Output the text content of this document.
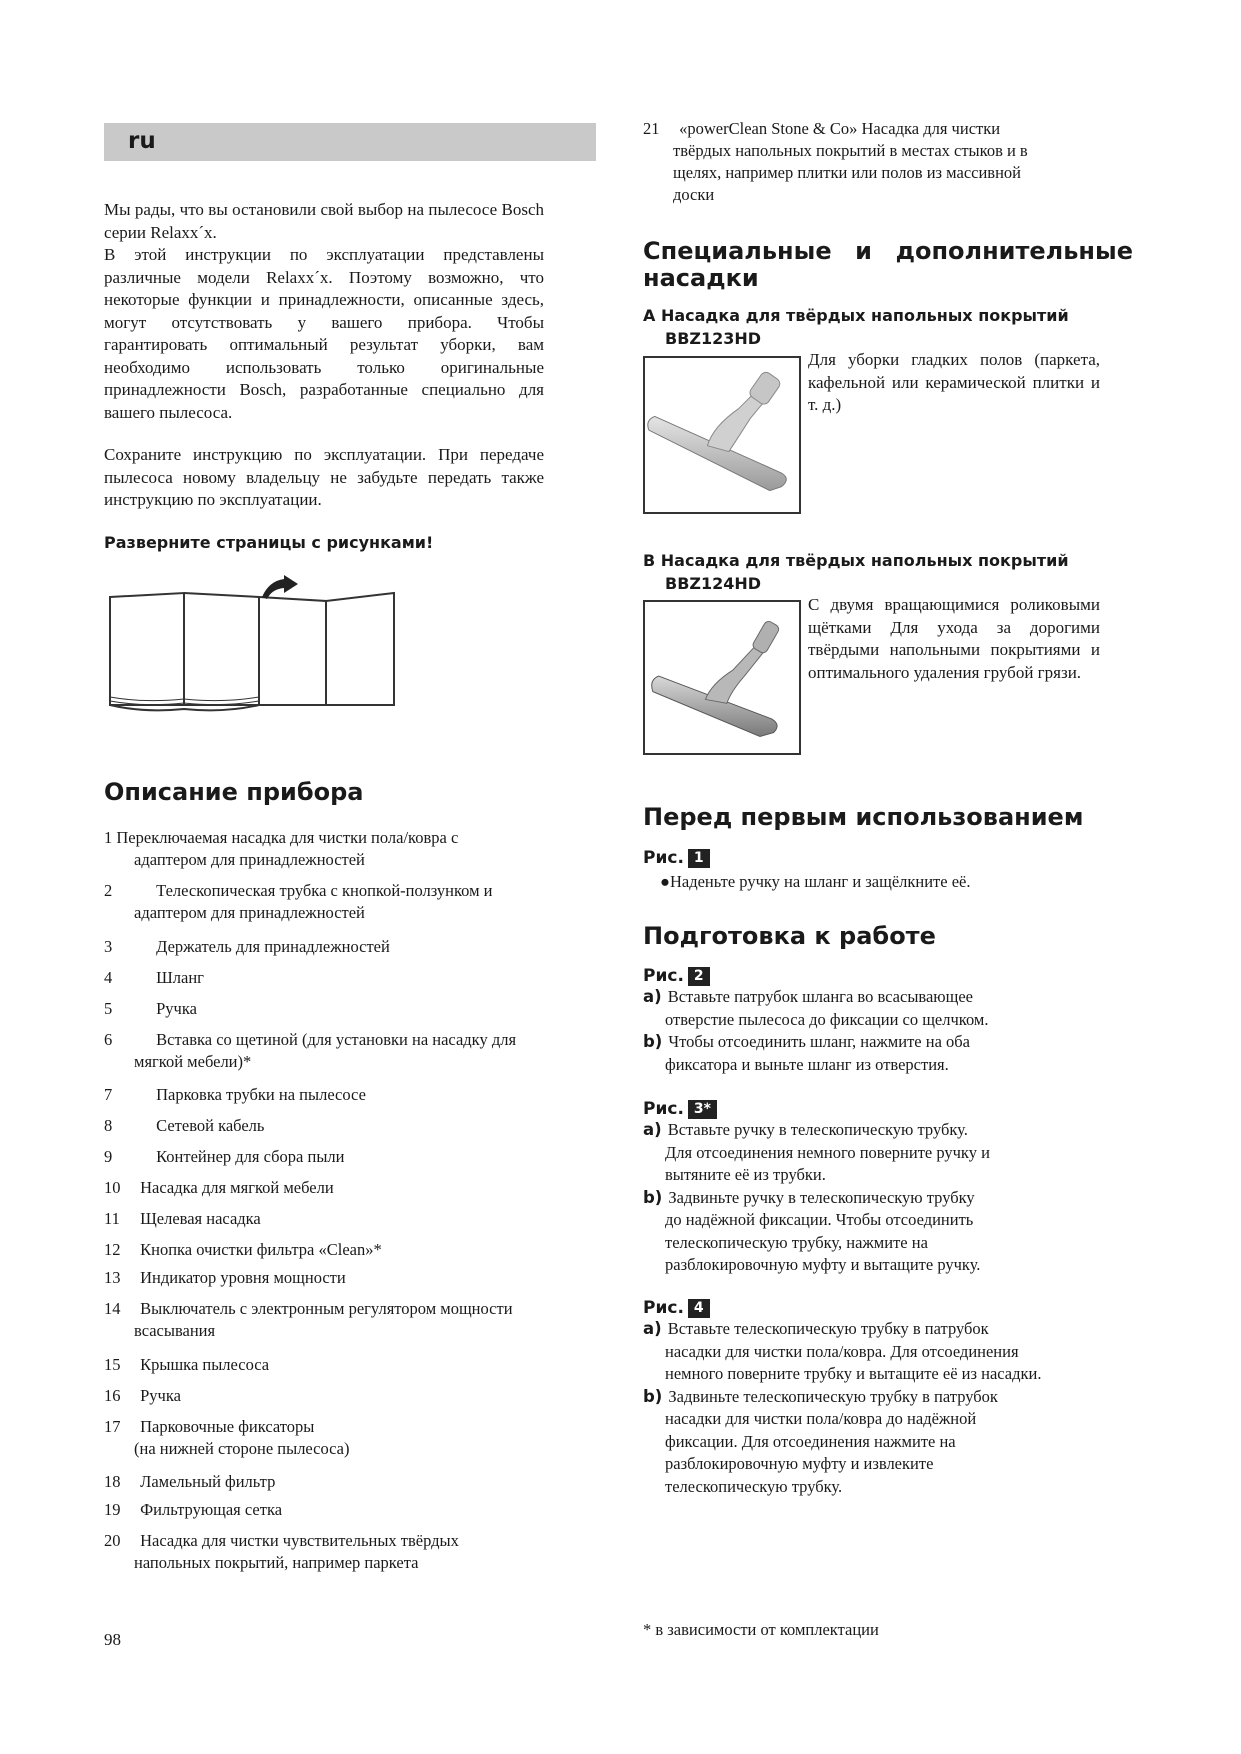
ru
Мы рады, что вы остановили свой выбор на пылесосе Bosch серии Relaxx´x.
В этой инструкции по эксплуатации представлены различные модели Relaxx´x. Поэтому возможно, что некоторые функции и принадлежности, описанные здесь, могут отсутствовать у вашего прибора. Чтобы гарантировать оптимальный результат уборки, вам необходимо использовать только оригинальные принадлежности Bosch, разработанные специально для вашего пылесоса.
Сохраните инструкцию по эксплуатации. При передаче пылесоса новому владельцу не забудьте передать также инструкцию по эксплуатации.
Разверните страницы с рисунками!
Описание прибора
1 Переключаемая насадка для чистки пола/ковра с
адаптером для принадлежностей
2	Телескопическая трубка с кнопкой-ползунком и
адаптером для принадлежностей
3	Держатель для принадлежностей
4	Шланг
5	Ручка
6	Вставка со щетиной (для установки на насадку для
мягкой мебели)*
7	Парковка трубки на пылесосе
8	Сетевой кабель
9	Контейнер для сбора пыли
10 Насадка для мягкой мебели
11 Щелевая насадка
12 Кнопка очистки фильтра «Clean»*
13 Индикатор уровня мощности
14 Выключатель с электронным регулятором мощности
всасывания
15 Крышка пылесоса
16 Ручка
17 Парковочные фиксаторы
(на нижней стороне пылесоса)
18 Ламельный фильтр
19 Фильтрующая сетка
20 Насадка для чистки чувствительных твёрдых
напольных покрытий, например паркета
21 «powerClean Stone & Co» Насадка для чистки
твёрдых напольных покрытий в местах стыков и в щелях, например плитки или полов из массивной доски
Специальные и дополнительные насадки
A Насадка для твёрдых напольных покрытий
BBZ123HD
Для уборки гладких полов (паркета, кафельной или керамической плитки и т. д.)
B Насадка для твёрдых напольных покрытий
BBZ124HD
С двумя вращающимися роликовыми щётками Для ухода за дорогими твёрдыми напольными покрытиями и оптимального удаления грубой грязи.
Перед первым использованием
Рис. 1
●Наденьте ручку на шланг и защёлкните её.
Подготовка к работе
Рис. 2
a) Вставьте патрубок шланга во всасывающее
отверстие пылесоса до фиксации со щелчком.
b) Чтобы отсоединить шланг, нажмите на оба
фиксатора и выньте шланг из отверстия.
Рис. 3*
a) Вставьте ручку в телескопическую трубку.
Для отсоединения немного поверните ручку и вытяните её из трубки.
b) Задвиньте ручку в телескопическую трубку
до надёжной фиксации. Чтобы отсоединить телескопическую трубку, нажмите на разблокировочную муфту и вытащите ручку.
Рис. 4
a) Вставьте телескопическую трубку в патрубок
насадки для чистки пола/ковра. Для отсоединения немного поверните трубку и вытащите её из насадки.
b) Задвиньте телескопическую трубку в патрубок
насадки для чистки пола/ковра до надёжной фиксации. Для отсоединения нажмите на разблокировочную муфту и извлеките телескопическую трубку.
* в зависимости от комплектации
98
